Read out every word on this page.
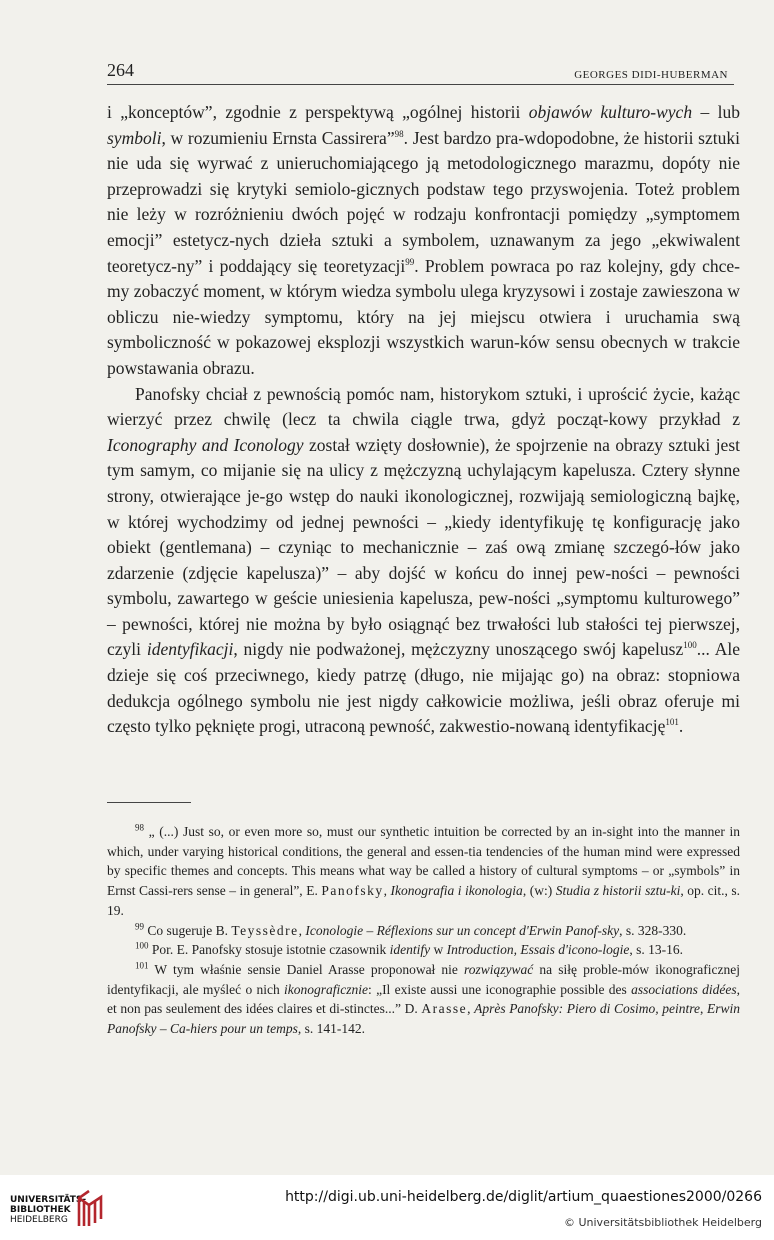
264	GEORGES DIDI-HUBERMAN

i „konceptów”, zgodnie z perspektywą „ogólnej historii objawów kulturo-wych – lub symboli, w rozumieniu Ernsta Cassirera”$^{98}$. Jest bardzo pra-wdopodobne, że historii sztuki nie uda się wyrwać z unieruchomiającego ją metodologicznego marazmu, dopóty nie przeprowadzi się krytyki semiolo-gicznych podstaw tego przyswojenia. Toteż problem nie leży w rozróżnieniu dwóch pojęć w rodzaju konfrontacji pomiędzy „symptomem emocji” estetycz-nych dzieła sztuki a symbolem, uznawanym za jego „ekwiwalent teoretycz-ny” i poddający się teoretyzacji$^{99}$. Problem powraca po raz kolejny, gdy chce-my zobaczyć moment, w którym wiedza symbolu ulega kryzysowi i zostaje zawieszona w obliczu nie-wiedzy symptomu, który na jej miejscu otwiera i uruchamia swą symboliczność w pokazowej eksplozji wszystkich warun-ków sensu obecnych w trakcie powstawania obrazu.

Panofsky chciał z pewnością pomóc nam, historykom sztuki, i uprościć życie, każąc wierzyć przez chwilę (lecz ta chwila ciągle trwa, gdyż począt-kowy przykład z Iconography and Iconology został wzięty dosłownie), że spojrzenie na obrazy sztuki jest tym samym, co mijanie się na ulicy z mężczyzną uchylającym kapelusza. Cztery słynne strony, otwierające je-go wstęp do nauki ikonologicznej, rozwijają semiologiczną bajkę, w której wychodzimy od jednej pewności – „kiedy identyfikuję tę konfigurację jako obiekt (gentlemana) – czyniąc to mechanicznie – zaś ową zmianę szczegó-łów jako zdarzenie (zdjęcie kapelusza)” – aby dojść w końcu do innej pew-ności – pewności symbolu, zawartego w geście uniesienia kapelusza, pew-ności „symptomu kulturowego” – pewności, której nie można by było osiągnąć bez trwałości lub stałości tej pierwszej, czyli identyfikacji, nigdy nie podważonej, mężczyzny unoszącego swój kapelusz$^{100}$... Ale dzieje się coś przeciwnego, kiedy patrzę (długo, nie mijając go) na obraz: stopniowa dedukcja ogólnego symbolu nie jest nigdy całkowicie możliwa, jeśli obraz oferuje mi często tylko pęknięte progi, utraconą pewność, zakwestio-nowaną identyfikację$^{101}$.

$^{98}$ „ (...) Just so, or even more so, must our synthetic intuition be corrected by an in-sight into the manner in which, under varying historical conditions, the general and essen-tia tendencies of the human mind were expressed by specific themes and concepts. This means what way be called a history of cultural symptoms – or „symbols” in Ernst Cassi-rers sense – in general”, E. Panofsky, Ikonografia i ikonologia, (w:) Studia z historii sztu-ki, op. cit., s. 19.

$^{99}$ Co sugeruje B. Teyssèdre, Iconologie – Réflexions sur un concept d'Erwin Panof-sky, s. 328-330.

$^{100}$ Por. E. Panofsky stosuje istotnie czasownik identify w Introduction, Essais d'icono-logie, s. 13-16.

$^{101}$ W tym właśnie sensie Daniel Arasse proponował nie rozwiązywać na siłę proble-mów ikonograficznej identyfikacji, ale myśleć o nich ikonograficznie: „Il existe aussi une iconographie possible des associations didées, et non pas seulement des idées claires et di-stinctes...” D. Arasse, Après Panofsky: Piero di Cosimo, peintre, Erwin Panofsky – Ca-hiers pour un temps, s. 141-142.

UNIVERSITÄTS-
BIBLIOTHEK
HEIDELBERG
http://digi.ub.uni-heidelberg.de/diglit/artium_quaestiones2000/0266
© Universitätsbibliothek Heidelberg
